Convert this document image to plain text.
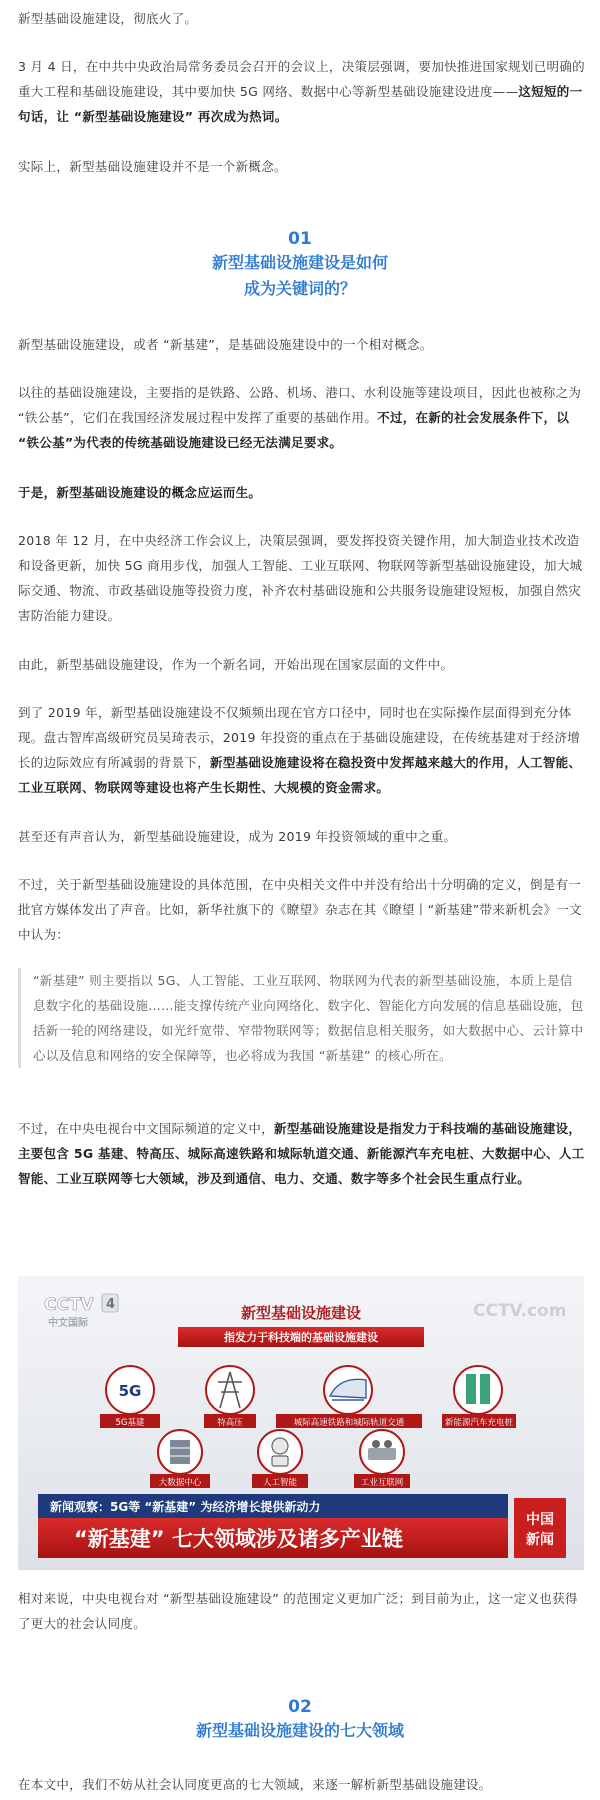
新型基础设施建设，彻底火了。

3 月 4 日，在中共中央政治局常务委员会召开的会议上，决策层强调，要加快推进国家规划已明确的重大工程和基础设施建设，其中要加快 5G 网络、数据中心等新型基础设施建设进度——这短短的一句话，让 “新型基础设施建设” 再次成为热词。

实际上，新型基础设施建设并不是一个新概念。

01
新型基础设施建设是如何
成为关键词的？

新型基础设施建设，或者 “新基建”，是基础设施建设中的一个相对概念。

以往的基础设施建设，主要指的是铁路、公路、机场、港口、水利设施等建设项目，因此也被称之为 “铁公基”，它们在我国经济发展过程中发挥了重要的基础作用。不过，在新的社会发展条件下，以 “铁公基”为代表的传统基础设施建设已经无法满足要求。

于是，新型基础设施建设的概念应运而生。

2018 年 12 月，在中央经济工作会议上，决策层强调，要发挥投资关键作用，加大制造业技术改造和设备更新，加快 5G 商用步伐，加强人工智能、工业互联网、物联网等新型基础设施建设，加大城际交通、物流、市政基础设施等投资力度，补齐农村基础设施和公共服务设施建设短板，加强自然灾害防治能力建设。

由此，新型基础设施建设，作为一个新名词，开始出现在国家层面的文件中。

到了 2019 年，新型基础设施建设不仅频频出现在官方口径中，同时也在实际操作层面得到充分体现。盘古智库高级研究员吴琦表示，2019 年投资的重点在于基础设施建设，在传统基建对于经济增长的边际效应有所减弱的背景下，新型基础设施建设将在稳投资中发挥越来越大的作用，人工智能、工业互联网、物联网等建设也将产生长期性、大规模的资金需求。

甚至还有声音认为，新型基础设施建设，成为 2019 年投资领域的重中之重。

不过，关于新型基础设施建设的具体范围，在中央相关文件中并没有给出十分明确的定义，倒是有一批官方媒体发出了声音。比如，新华社旗下的《瞭望》杂志在其《瞭望丨“新基建”带来新机会》一文中认为：

“新基建” 则主要指以 5G、人工智能、工业互联网、物联网为代表的新型基础设施，本质上是信息数字化的基础设施……能支撑传统产业向网络化、数字化、智能化方向发展的信息基础设施，包括新一轮的网络建设，如光纤宽带、窄带物联网等；数据信息相关服务，如大数据中心、云计算中心以及信息和网络的安全保障等，也必将成为我国 “新基建” 的核心所在。

不过，在中央电视台中文国际频道的定义中，新型基础设施建设是指发力于科技端的基础设施建设，主要包含 5G 基建、特高压、城际高速铁路和城际轨道交通、新能源汽车充电桩、大数据中心、人工智能、工业互联网等七大领域，涉及到通信、电力、交通、数字等多个社会民生重点行业。

CCTV 4
中文国际
CCTV.com
新型基础设施建设
指发力于科技端的基础设施建设
5G
5G基建	特高压	城际高速铁路和城际轨道交通	新能源汽车充电桩
大数据中心	人工智能	工业互联网
新闻观察：5G等 “新基建” 为经济增长提供新动力
“新基建” 七大领域涉及诸多产业链
中国
新闻

相对来说，中央电视台对 “新型基础设施建设” 的范围定义更加广泛；到目前为止，这一定义也获得了更大的社会认同度。

02
新型基础设施建设的七大领域

在本文中，我们不妨从社会认同度更高的七大领域，来逐一解析新型基础设施建设。
